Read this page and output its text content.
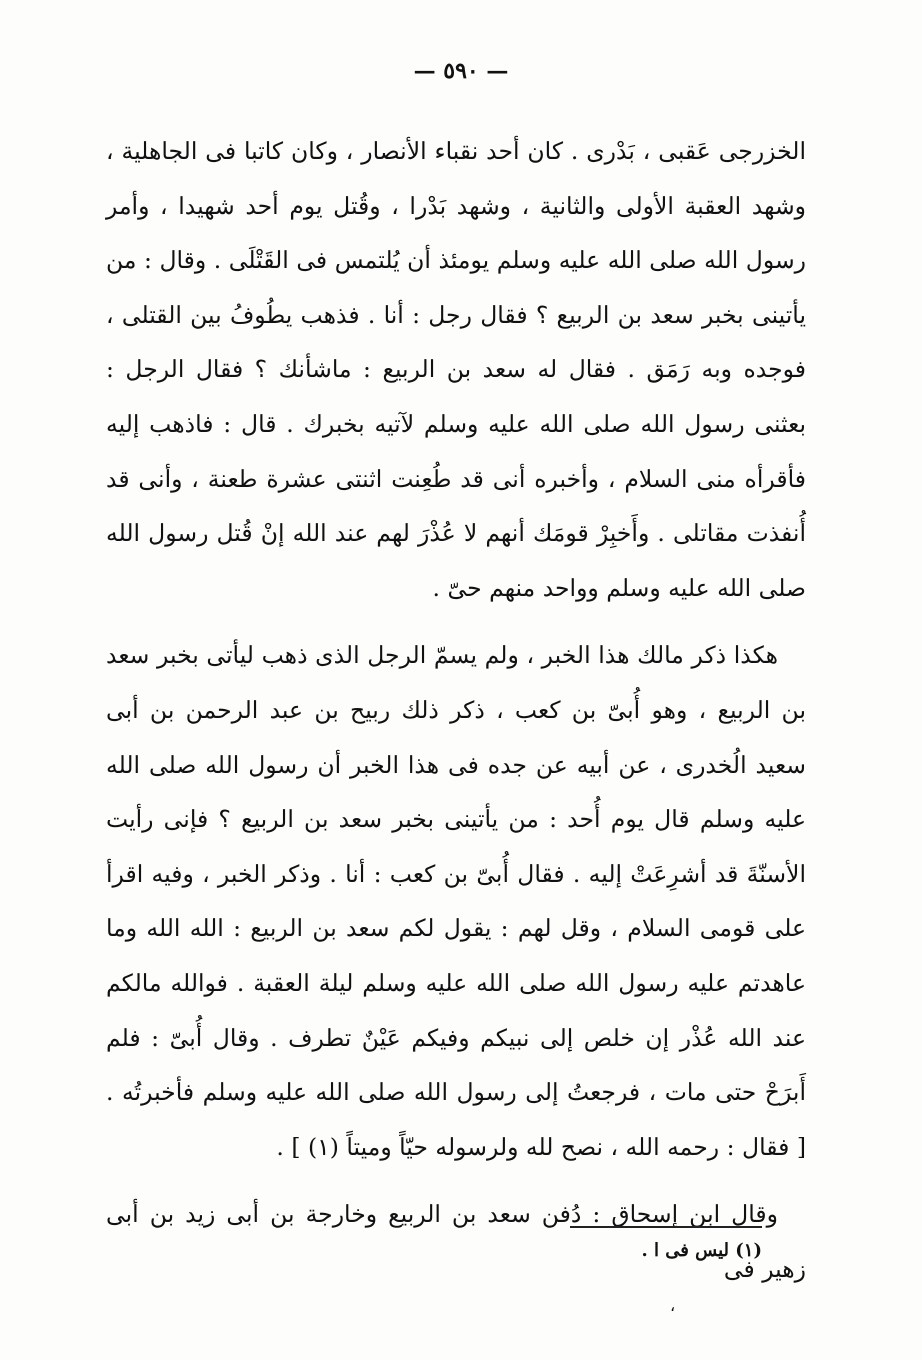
— ٥٩٠ —

الخزرجى عَقبى ، بَدْرى . كان أحد نقباء الأنصار ، وكان كاتبا فى الجاهلية ، وشهد العقبة الأولى والثانية ، وشهد بَدْرا ، وقُتل يوم أحد شهيدا ، وأمر رسول الله صلى الله عليه وسلم يومئذ أن يُلتمس فى القَتْلَى . وقال : من يأتينى بخبر سعد بن الربيع ؟ فقال رجل : أنا . فذهب يطُوفُ بين القتلى ، فوجده وبه رَمَق . فقال له سعد بن الربيع : ماشأنك ؟ فقال الرجل : بعثنى رسول الله صلى الله عليه وسلم لآتيه بخبرك . قال : فاذهب إليه فأقرأه منى السلام ، وأخبره أنى قد طُعِنت اثنتى عشرة طعنة ، وأنى قد أُنفذت مقاتلى . وأَخبِرْ قومَك أنهم لا عُذْرَ لهم عند الله إنْ قُتل رسول الله صلى الله عليه وسلم وواحد منهم حىّ .

هكذا ذكر مالك هذا الخبر ، ولم يسمّ الرجل الذى ذهب ليأتى بخبر سعد بن الربيع ، وهو أُبىّ بن كعب ، ذكر ذلك ربيح بن عبد الرحمن بن أبى سعيد الُخدرى ، عن أبيه عن جده فى هذا الخبر أن رسول الله صلى الله عليه وسلم قال يوم أُحد : من يأتينى بخبر سعد بن الربيع ؟ فإنى رأيت الأسنّةَ قد أشرِعَتْ إليه . فقال أُبىّ بن كعب : أنا . وذكر الخبر ، وفيه اقرأ على قومى السلام ، وقل لهم : يقول لكم سعد بن الربيع : الله الله وما عاهدتم عليه رسول الله صلى الله عليه وسلم ليلة العقبة . فوالله مالكم عند الله عُذْر إن خلص إلى نبيكم وفيكم عَيْنٌ تطرف . وقال أُبىّ : فلم أَبرَحْ حتى مات ، فرجعتُ إلى رسول الله صلى الله عليه وسلم فأخبرتُه . [ فقال : رحمه الله ، نصح لله ولرسوله حيّاً وميتاً (١) ] .

وقال ابن إسحاق : دُفن سعد بن الربيع وخارجة بن أبى زيد بن أبى زهير فى

(١) ليس فى ا .
،
